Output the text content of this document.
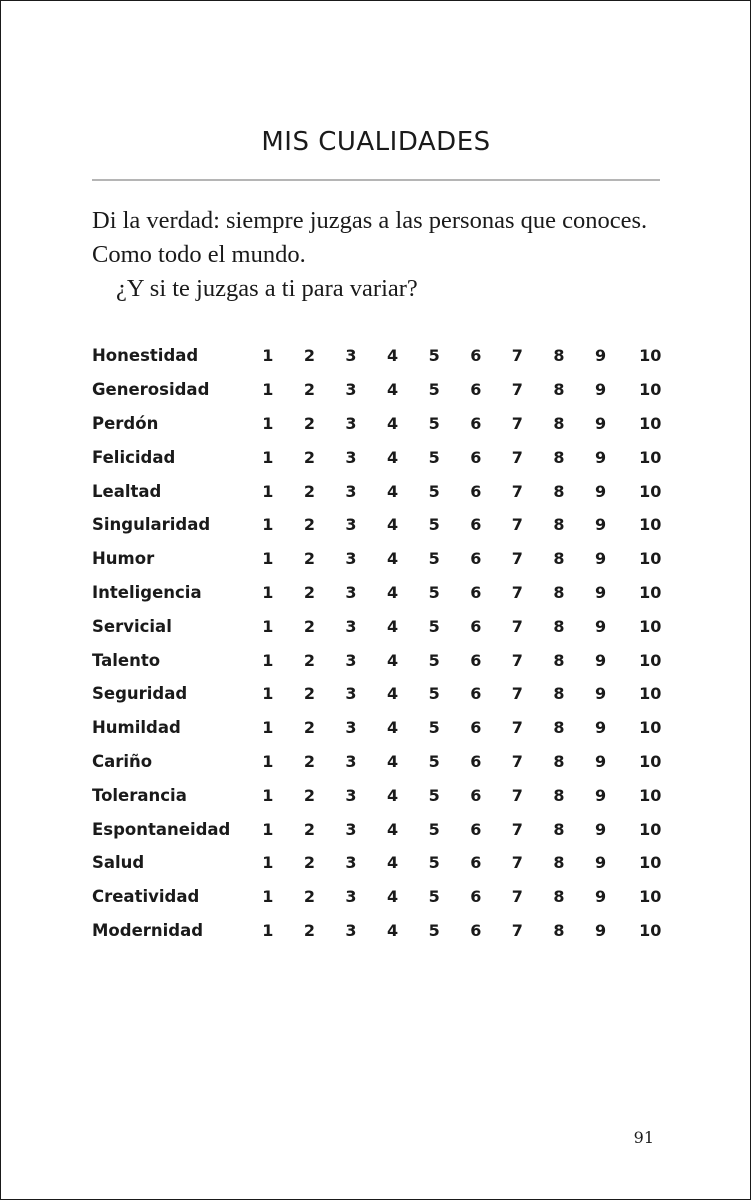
MIS CUALIDADES

Di la verdad: siempre juzgas a las personas que conoces.

Como todo el mundo.

¿Y si te juzgas a ti para variar?

Honestidad	1	2	3	4	5	6	7	8	9	10
Generosidad	1	2	3	4	5	6	7	8	9	10
Perdón	1	2	3	4	5	6	7	8	9	10
Felicidad	1	2	3	4	5	6	7	8	9	10
Lealtad	1	2	3	4	5	6	7	8	9	10
Singularidad	1	2	3	4	5	6	7	8	9	10
Humor	1	2	3	4	5	6	7	8	9	10
Inteligencia	1	2	3	4	5	6	7	8	9	10
Servicial	1	2	3	4	5	6	7	8	9	10
Talento	1	2	3	4	5	6	7	8	9	10
Seguridad	1	2	3	4	5	6	7	8	9	10
Humildad	1	2	3	4	5	6	7	8	9	10
Cariño	1	2	3	4	5	6	7	8	9	10
Tolerancia	1	2	3	4	5	6	7	8	9	10
Espontaneidad	1	2	3	4	5	6	7	8	9	10
Salud	1	2	3	4	5	6	7	8	9	10
Creatividad	1	2	3	4	5	6	7	8	9	10
Modernidad	1	2	3	4	5	6	7	8	9	10
91
